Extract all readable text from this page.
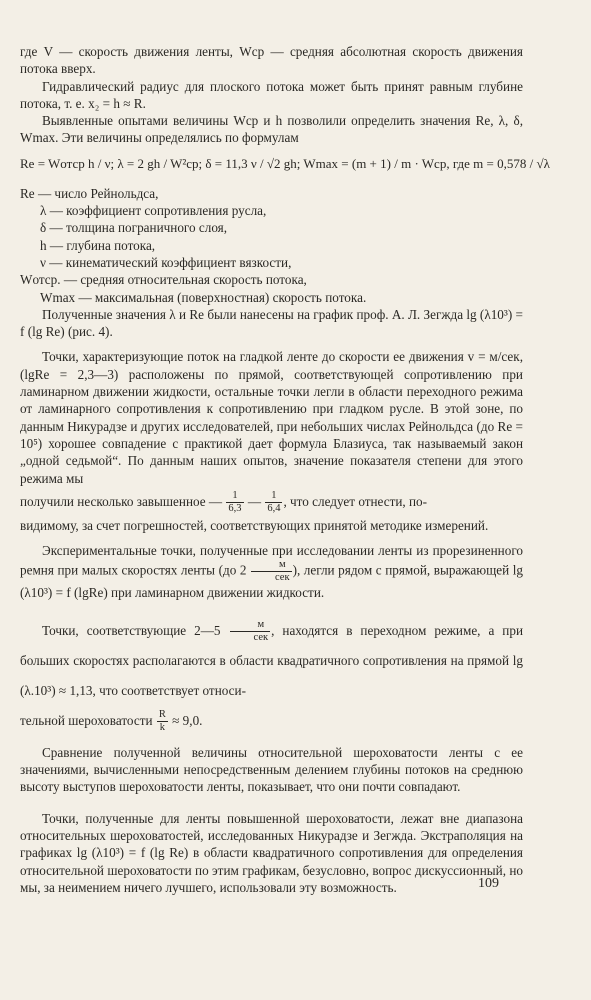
где V — скорость движения ленты, Wср — средняя абсолютная скорость движения потока вверх.

Гидравлический радиус для плоского потока может быть принят равным глубине потока, т. е. x₂ = h ≈ R.

Выявленные опытами величины Wср и h позволили определить значения Re, λ, δ, Wmax. Эти величины определялись по формулам

Re = Wотср h / ν; λ = 2 gh / W²ср; δ = 11,3 ν / √2 gh; Wmax = (m + 1) / m · Wср, где m = 0,578 / √λ

Re — число Рейнольдса,
λ — коэффициент сопротивления русла,
δ — толщина пограничного слоя,
h — глубина потока,
ν — кинематический коэффициент вязкости,
Wотср. — средняя относительная скорость потока,
Wmax — максимальная (поверхностная) скорость потока.

Полученные значения λ и Re были нанесены на график проф. А. Л. Зегжда lg (λ10³) = f (lg Re) (рис. 4).

Точки, характеризующие поток на гладкой ленте до скорости ее движения v = м/сек, (lgRe = 2,3—3) расположены по прямой, соответствующей сопротивлению при ламинарном движении жидкости, остальные точки легли в области переходного режима от ламинарного сопротивления к сопротивлению при гладком русле. В этой зоне, по данным Никурадзе и других исследователей, при небольших числах Рейнольдса (до Re = 10⁵) хорошее совпадение с практикой дает формула Блазиуса, так называемый закон „одной седьмой“. По данным наших опытов, значение показателя степени для этого режима мы

получили несколько завышенное — $\frac{1}{6,3}$ — $\frac{1}{6,4}$ , что следует отнести, по-

видимому, за счет погрешностей, соответствующих принятой методике измерений.

Экспериментальные точки, полученные при исследовании ленты из прорезиненного ремня при малых скоростях ленты (до $2 \frac{м}{\text{сек}}$ ), легли рядом с прямой, выражающей lg (λ10³) = f (lgRe) при ламинарном движении жидкости.

Точки, соответствующие 2—5 $\frac{м}{\text{сек}}$ , находятся в переходном режиме, а при больших скоростях располагаются в области квадратичного сопротивления на прямой lg (λ.10³) ≈ 1,13, что соответствует относи-

тельной шероховатости $\frac{R}{k} \approx 9,0$.

Сравнение полученной величины относительной шероховатости ленты с ее значениями, вычисленными непосредственным делением глубины потоков на среднюю высоту выступов шероховатости ленты, показывает, что они почти совпадают.

Точки, полученные для ленты повышенной шероховатости, лежат вне диапазона относительных шероховатостей, исследованных Никурадзе и Зегжда. Экстраполяция на графиках lg (λ10³) = f (lg Re) в области квадратичного сопротивления для определения относительной шероховатости по этим графикам, безусловно, вопрос дискуссионный, но мы, за неимением ничего лучшего, использовали эту возможность.	109
